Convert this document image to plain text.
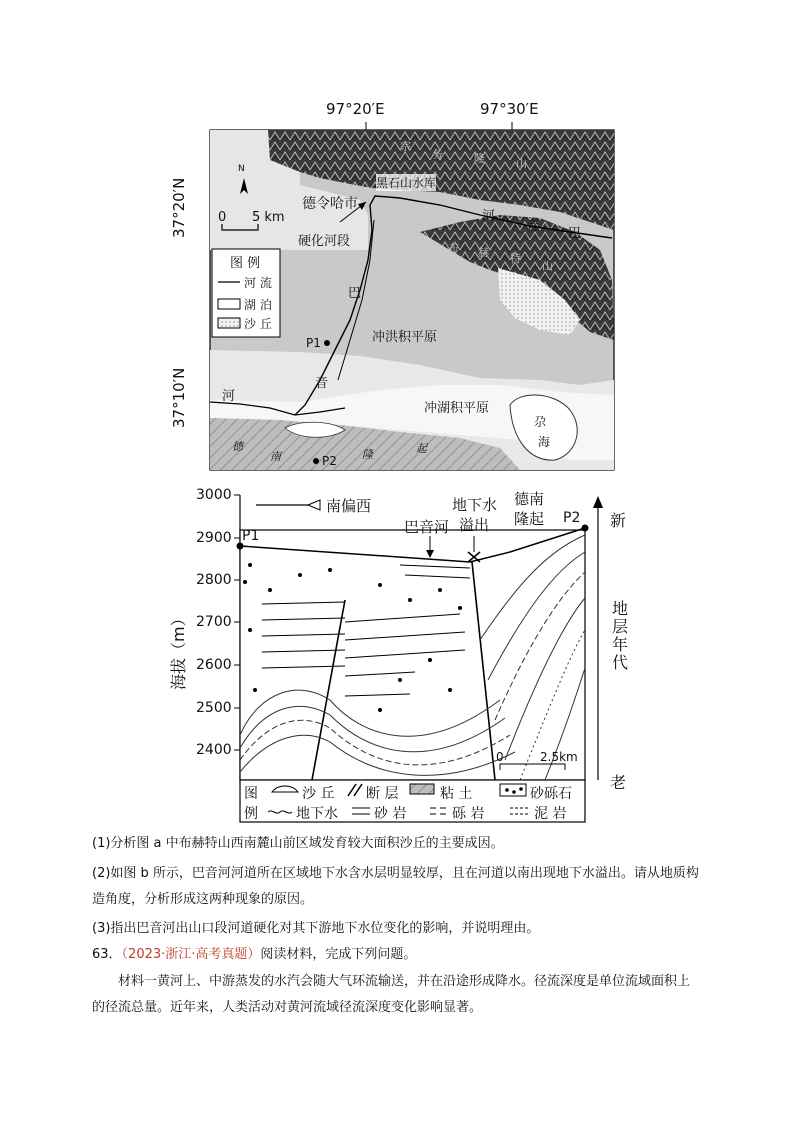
97°20′E	97°30′E
37°20′N
37°10′N
N
0 5 km
图 例
河 流
湖 泊
沙 丘
德令哈市
黑石山水库
硬化河段
河
音 巴
巴
音
河
冲洪积平原
冲湖积平原
尕
海
德
南	隆	起
宗
务	隆	山
布 赫 特
山
P1
P2
3000
2900
2800
2700
2600
2500
2400
海拔（m）
南偏西
P1
P2
巴音河
地下水
溢出
德南
隆起	新
地层年代
老
0	2.5km
图
例
沙 丘 断 层	粘 土	砂砾石
地下水	砂 岩	砾 岩	泥 岩
(1)分析图 a 中布赫特山西南麓山前区域发育较大面积沙丘的主要成因。
(2)如图 b 所示，巴音河河道所在区域地下水含水层明显较厚，且在河道以南出现地下水溢出。请从地质构
造角度，分析形成这两种现象的原因。
(3)指出巴音河出山口段河道硬化对其下游地下水位变化的影响，并说明理由。
63．（2023·浙江·高考真题）阅读材料，完成下列问题。
材料一黄河上、中游蒸发的水汽会随大气环流输送，并在沿途形成降水。径流深度是单位流域面积上
的径流总量。近年来，人类活动对黄河流域径流深度变化影响显著。
